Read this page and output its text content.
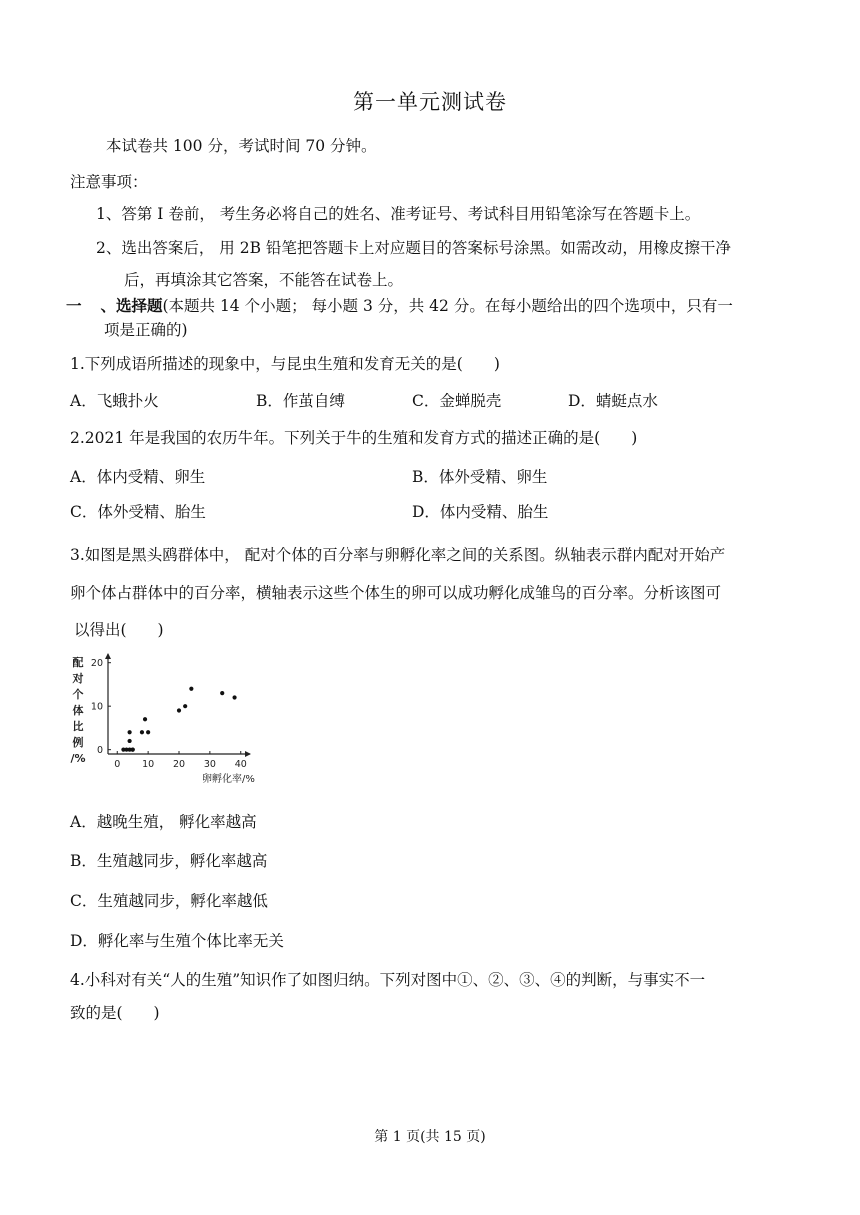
第一单元测试卷
本试卷共 100 分，考试时间 70 分钟。
注意事项：
1、答第 I 卷前， 考生务必将自己的姓名、准考证号、考试科目用铅笔涂写在答题卡上。
2、选出答案后， 用 2B 铅笔把答题卡上对应题目的答案标号涂黑。如需改动，用橡皮擦干净
后，再填涂其它答案，不能答在试卷上。
一 、选择题(本题共 14 个小题； 每小题 3 分，共 42 分。在每小题给出的四个选项中，只有一
项是正确的)
1.下列成语所描述的现象中，与昆虫生殖和发育无关的是(　　)
A．飞蛾扑火	B．作茧自缚	C．金蝉脱壳	D．蜻蜓点水
2.2021 年是我国的农历牛年。下列关于牛的生殖和发育方式的描述正确的是(　　)
A．体内受精、卵生	B．体外受精、卵生
C．体外受精、胎生	D．体内受精、胎生
3.如图是黑头鸥群体中， 配对个体的百分率与卵孵化率之间的关系图。纵轴表示群内配对开始产
卵个体占群体中的百分率，横轴表示这些个体生的卵可以成功孵化成雏鸟的百分率。分析该图可
以得出(　　)
0
10
20
0 10 20 30 40
卵孵化率/%
配
对
个
体
比
例
/%
A．越晚生殖， 孵化率越高
B．生殖越同步，孵化率越高
C．生殖越同步，孵化率越低
D．孵化率与生殖个体比率无关
4.小科对有关“人的生殖”知识作了如图归纳。下列对图中①、②、③、④的判断，与事实不一
致的是(　　)
第 1 页(共 15 页)
